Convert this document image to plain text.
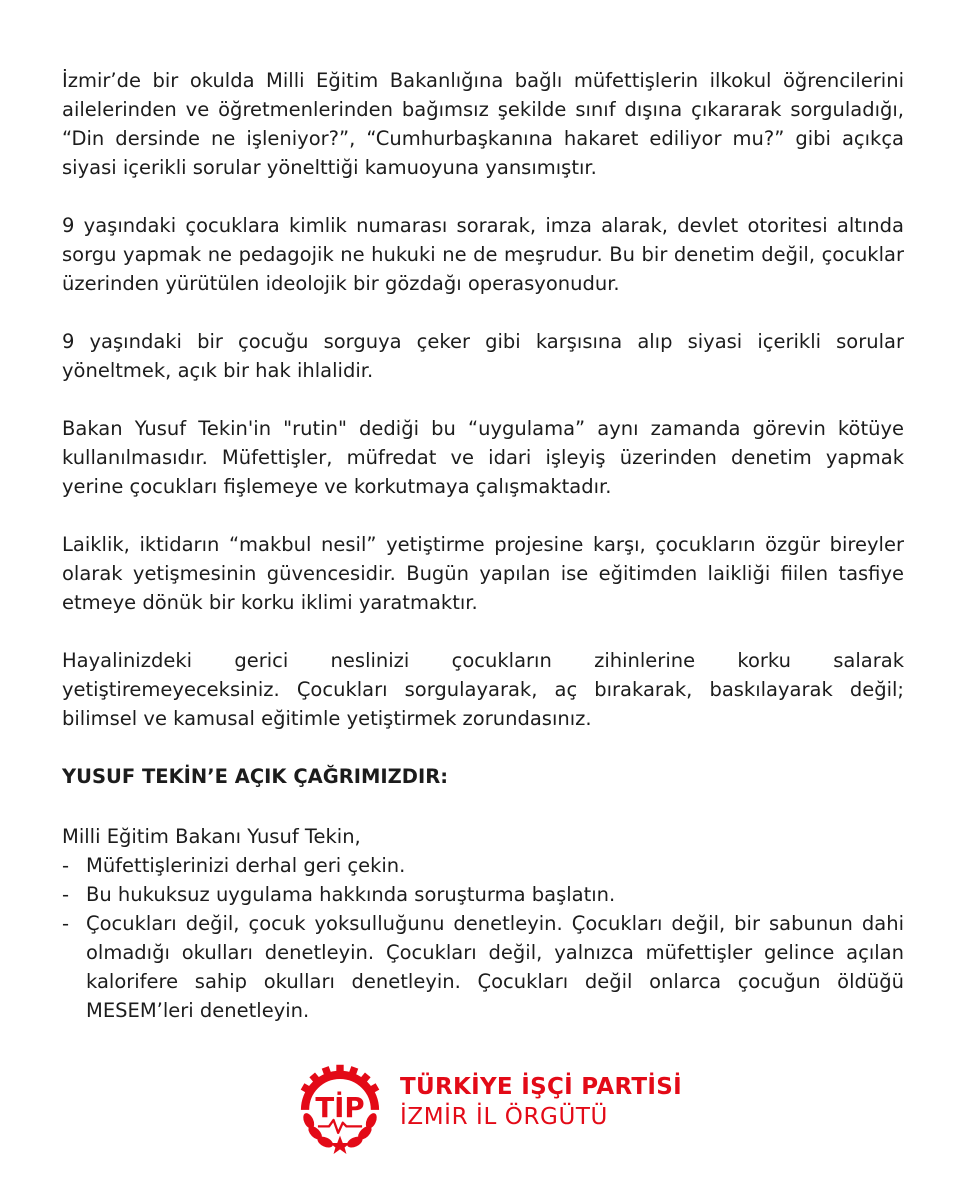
İzmir’de bir okulda Milli Eğitim Bakanlığına bağlı müfettişlerin ilkokul öğrencilerini ailelerinden ve öğretmenlerinden bağımsız şekilde sınıf dışına çıkararak sorguladığı, “Din dersinde ne işleniyor?”, “Cumhurbaşkanına hakaret ediliyor mu?” gibi açıkça siyasi içerikli sorular yönelttiği kamuoyuna yansımıştır.

9 yaşındaki çocuklara kimlik numarası sorarak, imza alarak, devlet otoritesi altında sorgu yapmak ne pedagojik ne hukuki ne de meşrudur. Bu bir denetim değil, çocuklar üzerinden yürütülen ideolojik bir gözdağı operasyonudur.

9 yaşındaki bir çocuğu sorguya çeker gibi karşısına alıp siyasi içerikli sorular yöneltmek, açık bir hak ihlalidir.

Bakan Yusuf Tekin'in "rutin" dediği bu “uygulama” aynı zamanda görevin kötüye kullanılmasıdır. Müfettişler, müfredat ve idari işleyiş üzerinden denetim yapmak yerine çocukları fişlemeye ve korkutmaya çalışmaktadır.

Laiklik, iktidarın “makbul nesil” yetiştirme projesine karşı, çocukların özgür bireyler olarak yetişmesinin güvencesidir. Bugün yapılan ise eğitimden laikliği fiilen tasfiye etmeye dönük bir korku iklimi yaratmaktır.

Hayalinizdeki gerici neslinizi çocukların zihinlerine korku salarak yetiştiremeyeceksiniz. Çocukları sorgulayarak, aç bırakarak, baskılayarak değil; bilimsel ve kamusal eğitimle yetiştirmek zorundasınız.

YUSUF TEKİN’E AÇIK ÇAĞRIMIZDIR:

Milli Eğitim Bakanı Yusuf Tekin,

- Müfettişlerinizi derhal geri çekin.
- Bu hukuksuz uygulama hakkında soruşturma başlatın.
- Çocukları değil, çocuk yoksulluğunu denetleyin. Çocukları değil, bir sabunun dahi olmadığı okulları denetleyin. Çocukları değil, yalnızca müfettişler gelince açılan kalorifere sahip okulları denetleyin. Çocukları değil onlarca çocuğun öldüğü MESEM’leri denetleyin.
TİP
TÜRKİYE İŞÇİ PARTİSİ
İZMİR İL ÖRGÜTÜ
